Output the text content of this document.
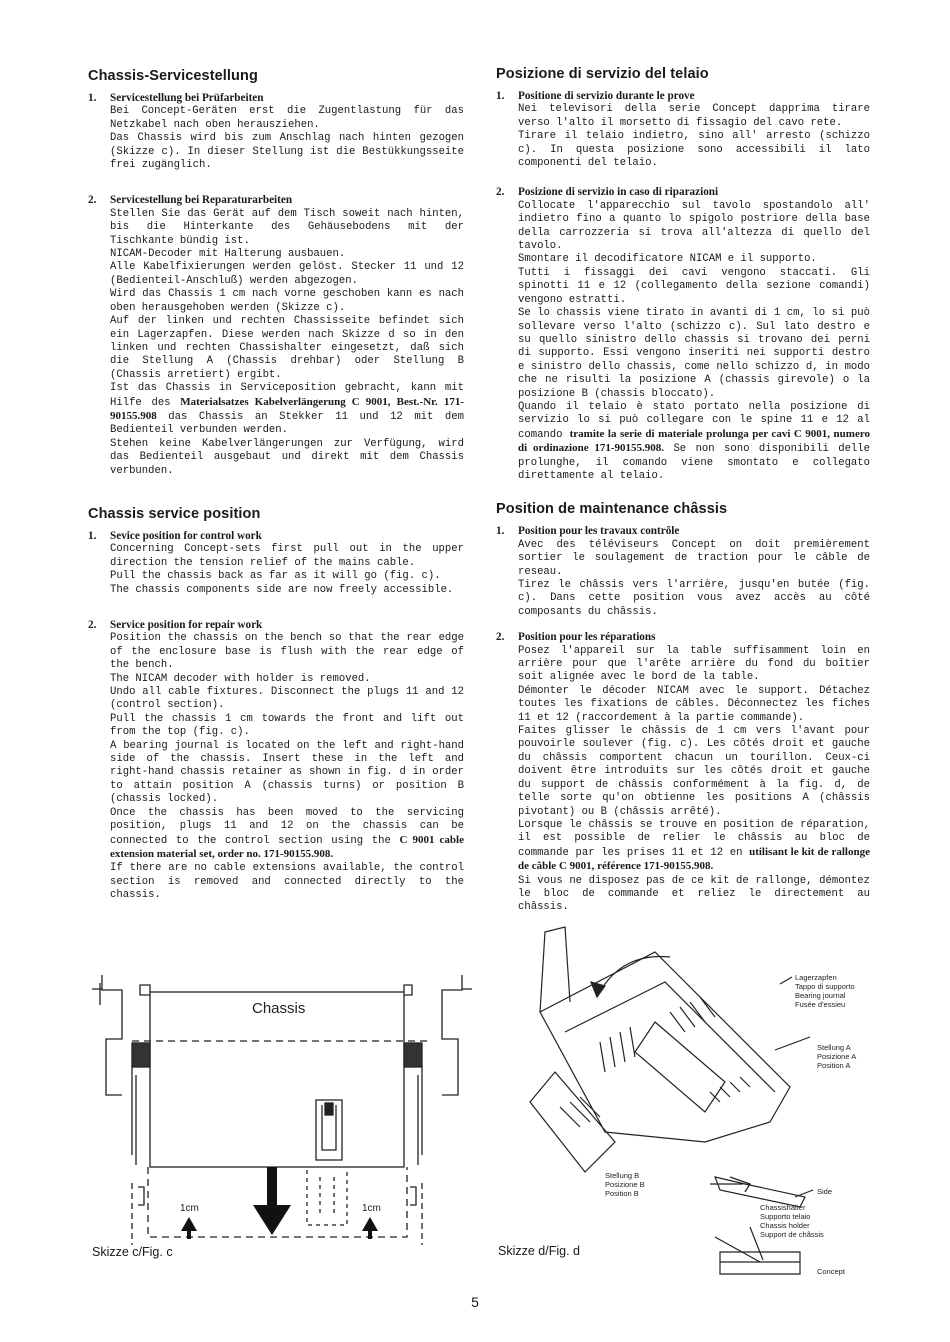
Chassis-Servicestellung

1. Servicestellung bei Prüfarbeiten

Bei Concept-Geräten erst die Zugentlastung für das Netzkabel nach oben herausziehen.
Das Chassis wird bis zum Anschlag nach hinten gezogen (Skizze c). In dieser Stellung ist die Bestükkungsseite frei zugänglich.

2. Servicestellung bei Reparaturarbeiten

Stellen Sie das Gerät auf dem Tisch soweit nach hinten, bis die Hinterkante des Gehäusebodens mit der Tischkante bündig ist.
NICAM-Decoder mit Halterung ausbauen.
Alle Kabelfixierungen werden gelöst. Stecker 11 und 12 (Bedienteil-Anschluß) werden abgezogen.
Wird das Chassis 1 cm nach vorne geschoben kann es nach oben herausgehoben werden (Skizze c).
Auf der linken und rechten Chassisseite befindet sich ein Lagerzapfen. Diese werden nach Skizze d so in den linken und rechten Chassishalter eingesetzt, daß sich die Stellung A (Chassis drehbar) oder Stellung B (Chassis arretiert) ergibt.
Ist das Chassis in Serviceposition gebracht, kann mit Hilfe des Materialsatzes Kabelverlängerung C 9001, Best.-Nr. 171-90155.908 das Chassis an Stekker 11 und 12 mit dem Bedienteil verbunden werden.
Stehen keine Kabelverlängerungen zur Verfügung, wird das Bedienteil ausgebaut und direkt mit dem Chassis verbunden.

Chassis service position

1. Sevice position for control work

Concerning Concept-sets first pull out in the upper direction the tension relief of the mains cable.
Pull the chassis back as far as it will go (fig. c).
The chassis components side are now freely accessible.

2. Service position for repair work

Position the chassis on the bench so that the rear edge of the enclosure base is flush with the rear edge of the bench.
The NICAM decoder with holder is removed.
Undo all cable fixtures. Disconnect the plugs 11 and 12 (control section).
Pull the chassis 1 cm towards the front and lift out from the top (fig. c).
A bearing journal is located on the left and right-hand side of the chassis. Insert these in the left and right-hand chassis retainer as shown in fig. d in order to attain position A (chassis turns) or position B (chassis locked).
Once the chassis has been moved to the servicing position, plugs 11 and 12 on the chassis can be connected to the control section using the C 9001 cable extension material set, order no. 171-90155.908.
If there are no cable extensions available, the control section is removed and connected directly to the chassis.

Posizione di servizio del telaio

1. Positione di servizio durante le prove

Nei televisori della serie Concept dapprima tirare verso l'alto il morsetto di fissagio del cavo rete.
Tirare il telaio indietro, sino all' arresto (schizzo c). In questa posizione sono accessibili il lato componenti del telaio.

2. Posizione di servizio in caso di riparazioni

Collocate l'apparecchio sul tavolo spostandolo all' indietro fino a quanto lo spigolo postriore della base della carrozzeria si trova all'altezza di quello del tavolo.
Smontare il decodificatore NICAM e il supporto.
Tutti i fissaggi dei cavi vengono staccati. Gli spinotti 11 e 12 (collegamento della sezione comandi) vengono estratti.
Se lo chassis viene tirato in avanti di 1 cm, lo si può sollevare verso l'alto (schizzo c). Sul lato destro e su quello sinistro dello chassis si trovano dei perni di supporto. Essi vengono inseriti nei supporti destro e sinistro dello chassis, come nello schizzo d, in modo che ne risulti la posizione A (chassis girevole) o la posizione B (chassis bloccato).
Quando il telaio è stato portato nella posizione di servizio lo si può collegare con le spine 11 e 12 al comando tramite la serie di materiale prolunga per cavi C 9001, numero di ordinazione 171-90155.908. Se non sono disponibili delle prolunghe, il comando viene smontato e collegato direttamente al telaio.

Position de maintenance châssis

1. Position pour les travaux contrôle

Avec des téléviseurs Concept on doit premièrement sortier le soulagement de traction pour le câble de reseau.
Tirez le châssis vers l'arrière, jusqu'en butée (fig. c). Dans cette position vous avez accès au côté composants du châssis.

2. Position pour les réparations

Posez l'appareil sur la table suffisamment loin en arrière pour que l'arête arrière du fond du boîtier soit alignée avec le bord de la table.
Démonter le décoder NICAM avec le support. Détachez toutes les fixations de câbles. Déconnectez les fiches 11 et 12 (raccordement à la partie commande).
Faites glisser le châssis de 1 cm vers l'avant pour pouvoirle soulever (fig. c). Les côtés droit et gauche du châssis comportent chacun un tourillon. Ceux-ci doivent être introduits sur les côtés droit et gauche du support de châssis conformément à la fig. d, de telle sorte qu'on obtienne les positions A (châssis pivotant) ou B (châssis arrêté).
Lorsque le châssis se trouve en position de réparation, il est possible de relier le châssis au bloc de commande par les prises 11 et 12 en utilisant le kit de rallonge de câble C 9001, référence 171-90155.908.
Si vous ne disposez pas de ce kit de rallonge, démontez le bloc de commande et reliez le directement au châssis.

Chassis
1cm	1cm
Skizze c/Fig. c
Lagerzapfen
Tappo di supporto
Bearing journal
Fusée d'essieu
Stellung A
Posizione A
Position A
Stellung B
Posizione B
Position B	Side
Chassishalter
Supporto telaio
Chassis holder
Support de châssis
Concept
Skizze d/Fig. d
5
